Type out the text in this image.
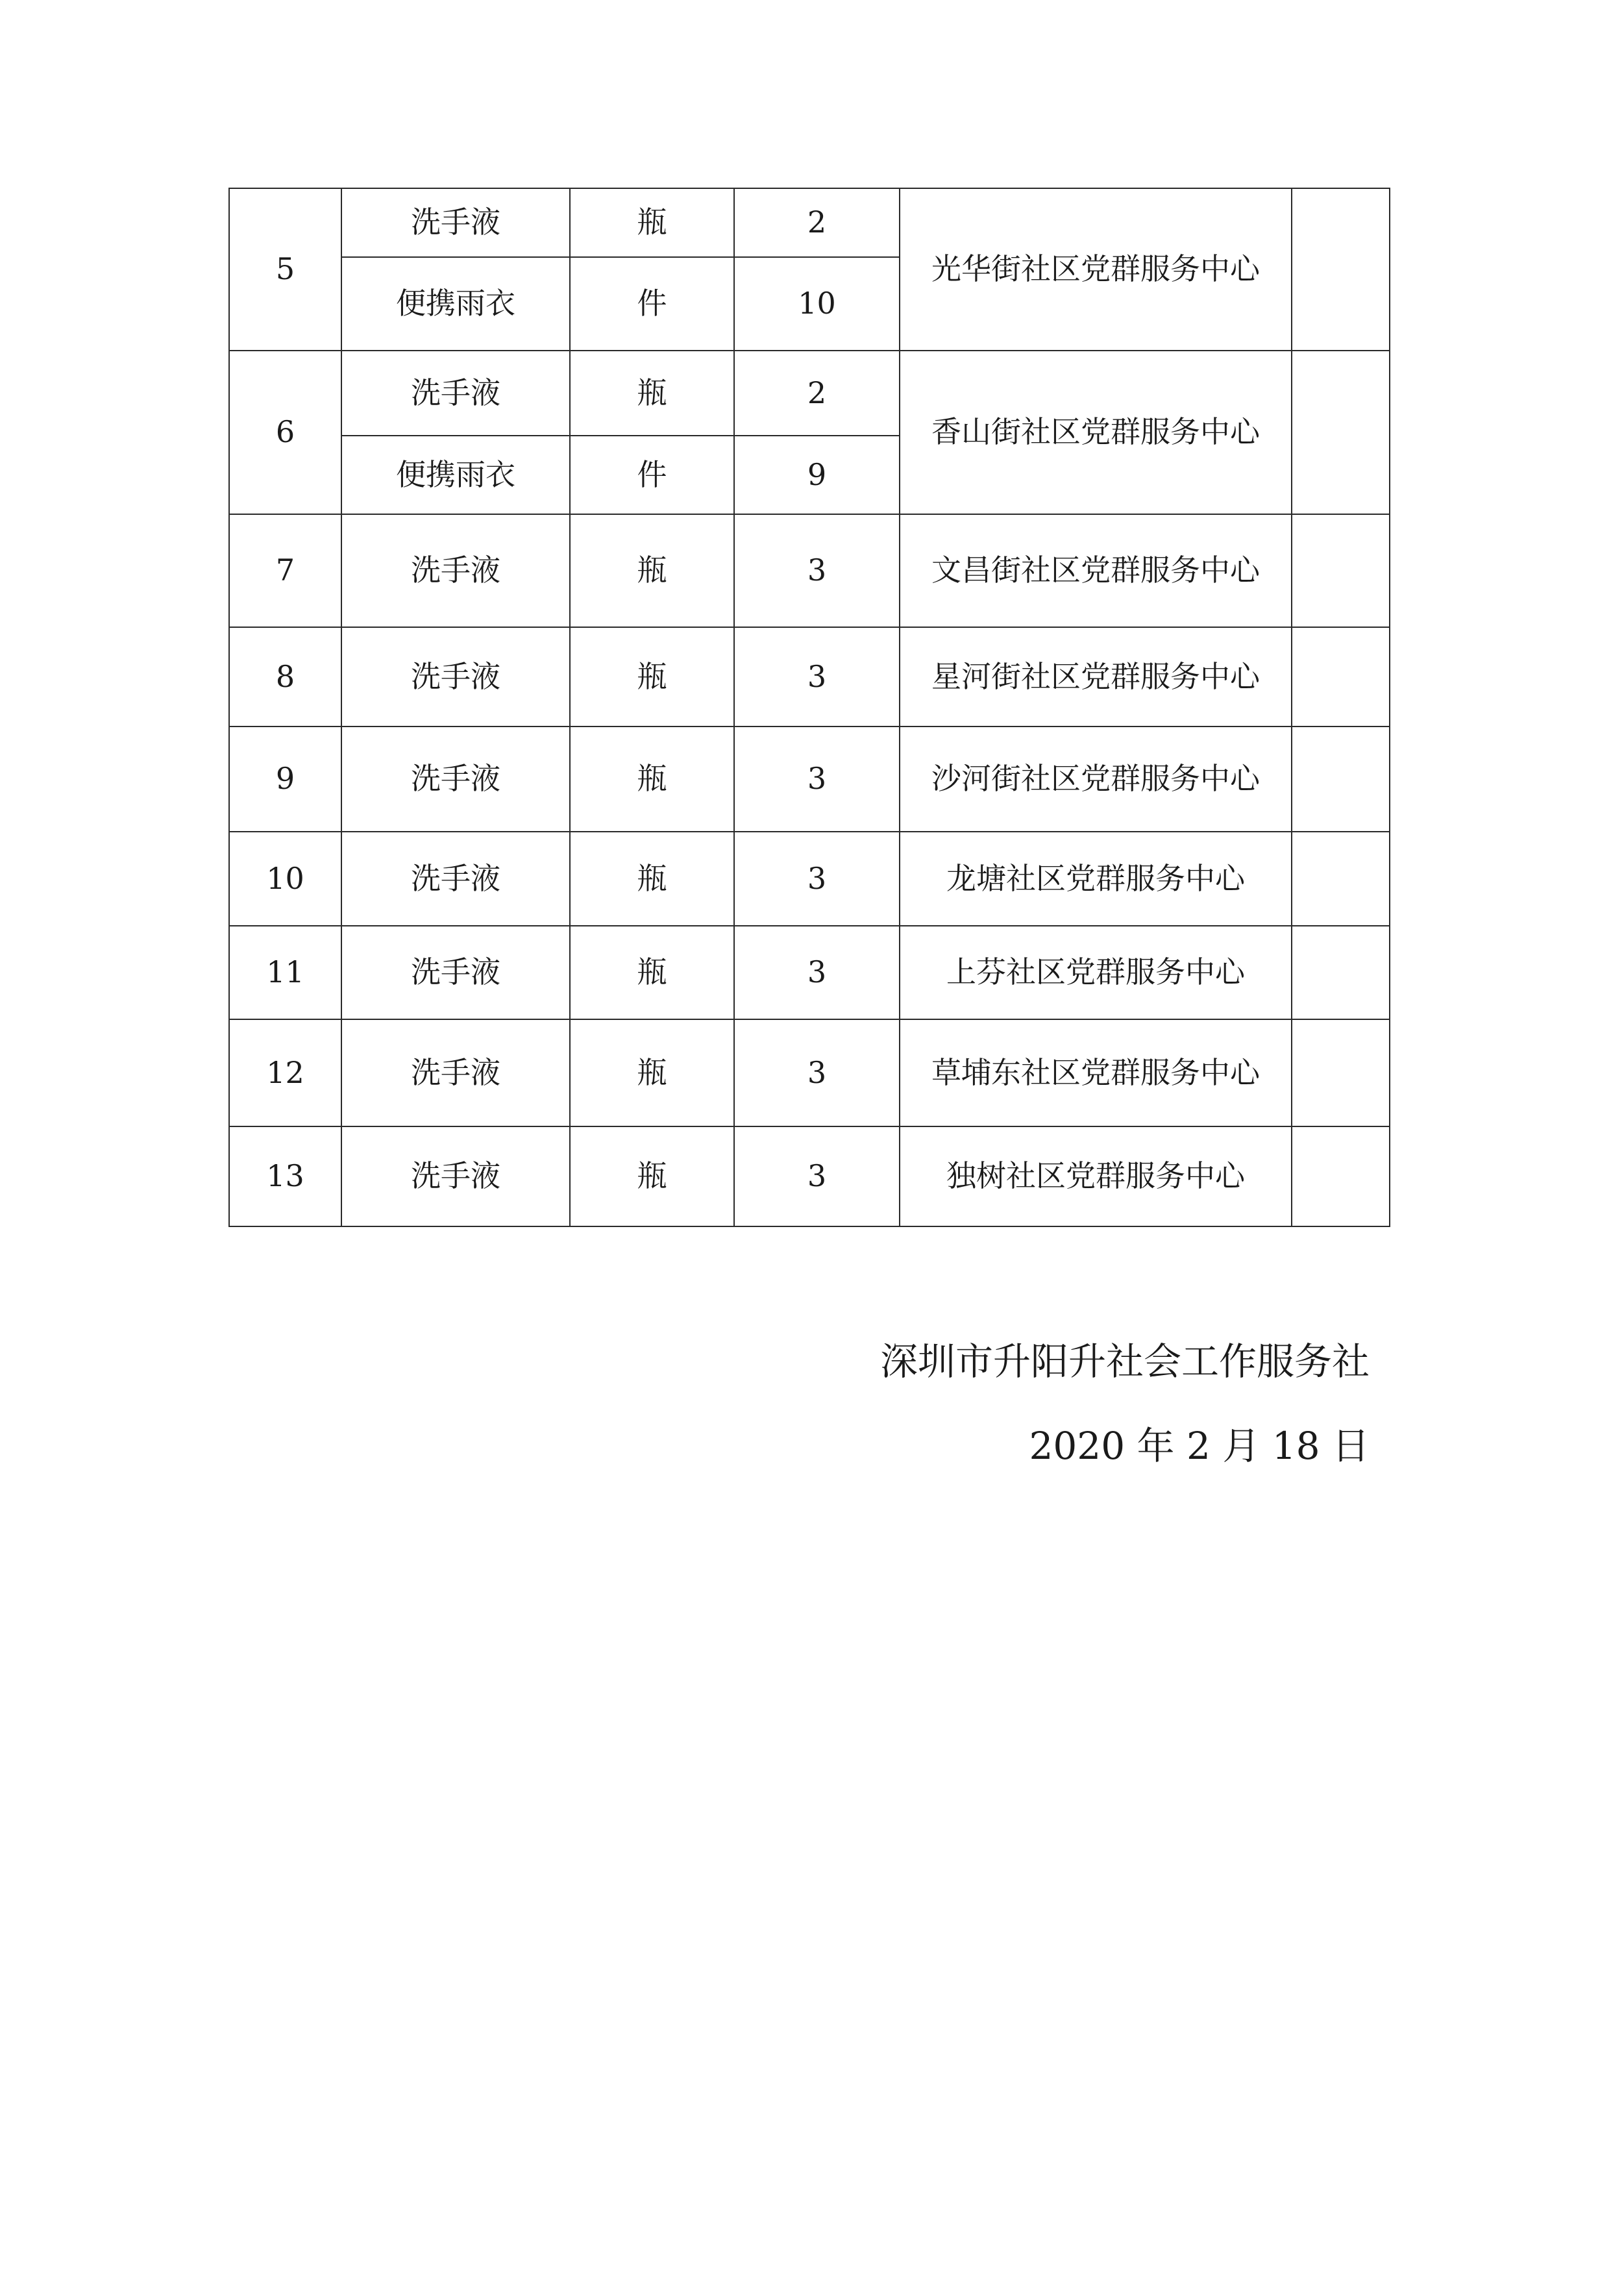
5	洗手液	瓶	2	光华街社区党群服务中心	
	便携雨衣	件	10		
6	洗手液	瓶	2	香山街社区党群服务中心	
	便携雨衣	件	9		
7	洗手液	瓶	3	文昌街社区党群服务中心	
8	洗手液	瓶	3	星河街社区党群服务中心	
9	洗手液	瓶	3	沙河街社区党群服务中心	
10	洗手液	瓶	3	龙塘社区党群服务中心	
11	洗手液	瓶	3	上芬社区党群服务中心	
12	洗手液	瓶	3	草埔东社区党群服务中心	
13	洗手液	瓶	3	独树社区党群服务中心	
深圳市升阳升社会工作服务社
2020 年 2 月 18 日
